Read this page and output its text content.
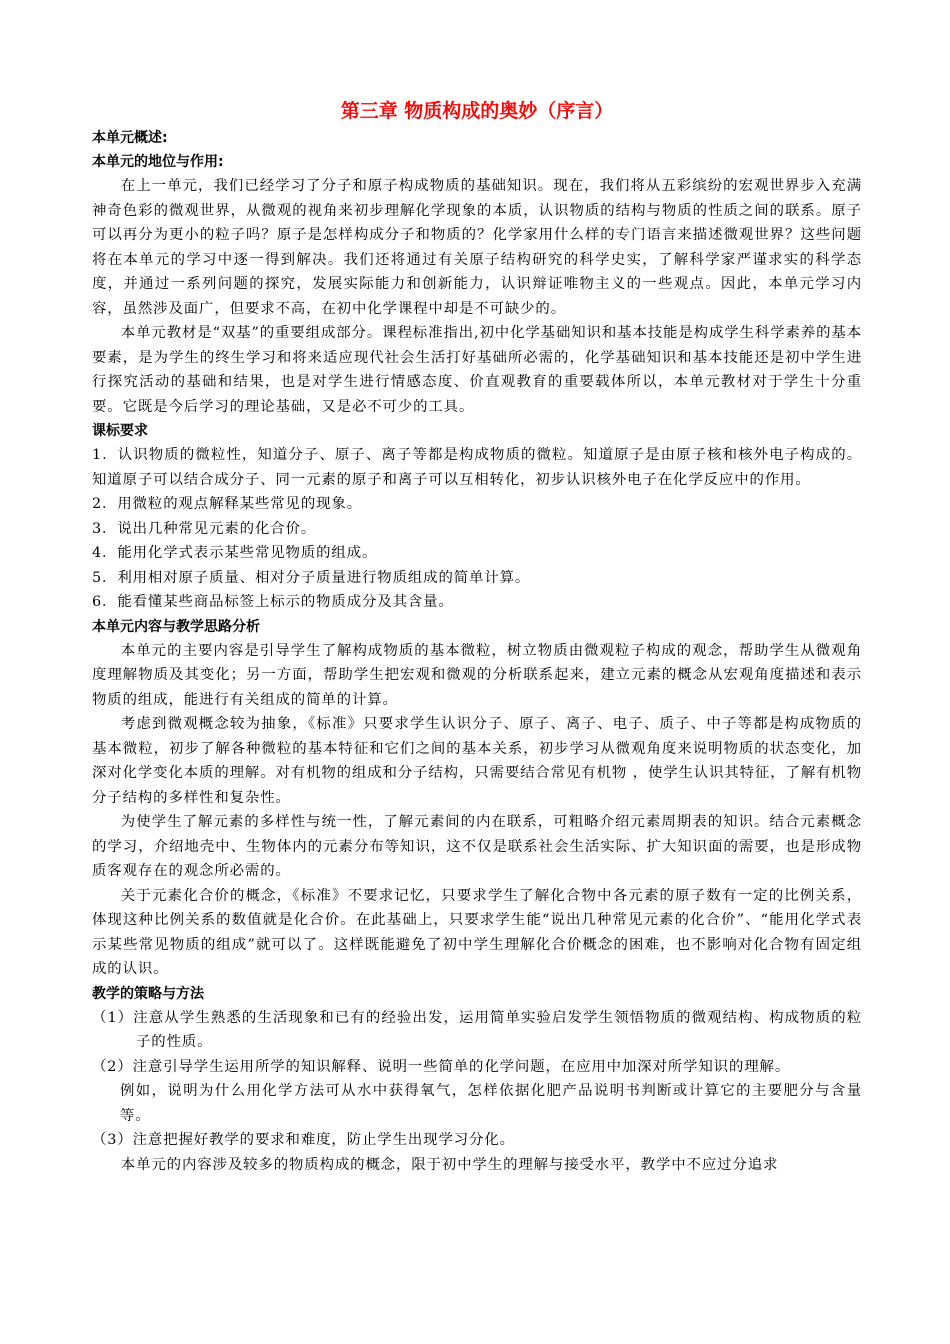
第三章 物质构成的奥妙（序言）
本单元概述:
本单元的地位与作用:

在上一单元，我们已经学习了分子和原子构成物质的基础知识。现在，我们将从五彩缤纷的宏观世界步入充满神奇色彩的微观世界，从微观的视角来初步理解化学现象的本质，认识物质的结构与物质的性质之间的联系。原子可以再分为更小的粒子吗？原子是怎样构成分子和物质的？化学家用什么样的专门语言来描述微观世界？这些问题将在本单元的学习中逐一得到解决。我们还将通过有关原子结构研究的科学史实，了解科学家严谨求实的科学态度，并通过一系列问题的探究，发展实际能力和创新能力，认识辩证唯物主义的一些观点。因此，本单元学习内容，虽然涉及面广，但要求不高，在初中化学课程中却是不可缺少的。

本单元教材是“双基”的重要组成部分。课程标准指出,初中化学基础知识和基本技能是构成学生科学素养的基本要素，是为学生的终生学习和将来适应现代社会生活打好基础所必需的，化学基础知识和基本技能还是初中学生进行探究活动的基础和结果，也是对学生进行情感态度、价直观教育的重要载体所以，本单元教材对于学生十分重要。它既是今后学习的理论基础，又是必不可少的工具。

课标要求

1．认识物质的微粒性，知道分子、原子、离子等都是构成物质的微粒。知道原子是由原子核和核外电子构成的。知道原子可以结合成分子、同一元素的原子和离子可以互相转化，初步认识核外电子在化学反应中的作用。

2．用微粒的观点解释某些常见的现象。

3．说出几种常见元素的化合价。

4．能用化学式表示某些常见物质的组成。

5．利用相对原子质量、相对分子质量进行物质组成的简单计算。

6．能看懂某些商品标签上标示的物质成分及其含量。

本单元内容与教学思路分析

本单元的主要内容是引导学生了解构成物质的基本微粒，树立物质由微观粒子构成的观念，帮助学生从微观角度理解物质及其变化；另一方面，帮助学生把宏观和微观的分析联系起来，建立元素的概念从宏观角度描述和表示物质的组成，能进行有关组成的简单的计算。

考虑到微观概念较为抽象，《标准》只要求学生认识分子、原子、离子、电子、质子、中子等都是构成物质的基本微粒，初步了解各种微粒的基本特征和它们之间的基本关系，初步学习从微观角度来说明物质的状态变化，加深对化学变化本质的理解。对有机物的组成和分子结构，只需要结合常见有机物 ，使学生认识其特征，了解有机物分子结构的多样性和复杂性。

为使学生了解元素的多样性与统一性，了解元素间的内在联系，可粗略介绍元素周期表的知识。结合元素概念的学习，介绍地壳中、生物体内的元素分布等知识，这不仅是联系社会生活实际、扩大知识面的需要，也是形成物质客观存在的观念所必需的。

关于元素化合价的概念，《标准》不要求记忆，只要求学生了解化合物中各元素的原子数有一定的比例关系，体现这种比例关系的数值就是化合价。在此基础上，只要求学生能“说出几种常见元素的化合价”、“能用化学式表示某些常见物质的组成”就可以了。这样既能避免了初中学生理解化合价概念的困难，也不影响对化合物有固定组成的认识。

教学的策略与方法

（1）注意从学生熟悉的生活现象和已有的经验出发，运用简单实验启发学生领悟物质的微观结构、构成物质的粒子的性质。

（2）注意引导学生运用所学的知识解释、说明一些简单的化学问题，在应用中加深对所学知识的理解。

例如，说明为什么用化学方法可从水中获得氧气，怎样依据化肥产品说明书判断或计算它的主要肥分与含量等。

（3）注意把握好教学的要求和难度，防止学生出现学习分化。

本单元的内容涉及较多的物质构成的概念，限于初中学生的理解与接受水平，教学中不应过分追求
